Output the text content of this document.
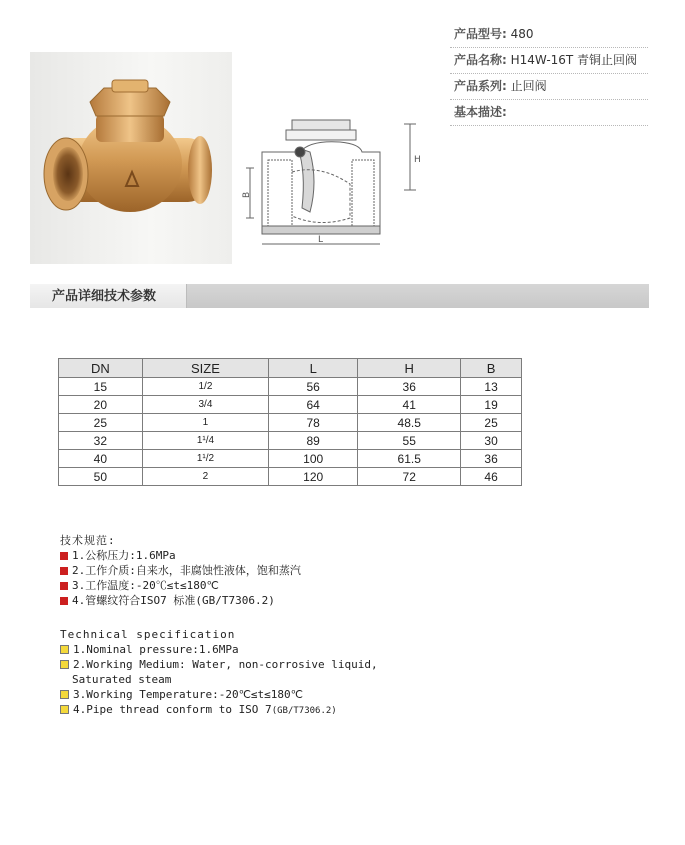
H
B
L
产品型号: 480
产品名称: H14W-16T 青铜止回阀
产品系列: 止回阀
基本描述:
产品详细技术参数
DN	SIZE	L	H	B
15	1/2	56	36	13
20	3/4	64	41	19
25	1	78	48.5	25
32	1¹/4	89	55	30
40	1¹/2	100	61.5	36
50	2	120	72	46
技术规范:
1.公称压力:1.6MPa
2.工作介质:自来水，非腐蚀性液体，饱和蒸汽
3.工作温度:-20℃≤t≤180℃
4.管螺纹符合ISO7 标准(GB/T7306.2)
Technical specification
1.Nominal pressure:1.6MPa
2.Working Medium: Water, non-corrosive liquid,
Saturated steam
3.Working Temperature:-20℃≤t≤180℃
4.Pipe thread conform to ISO 7(GB/T7306.2)
